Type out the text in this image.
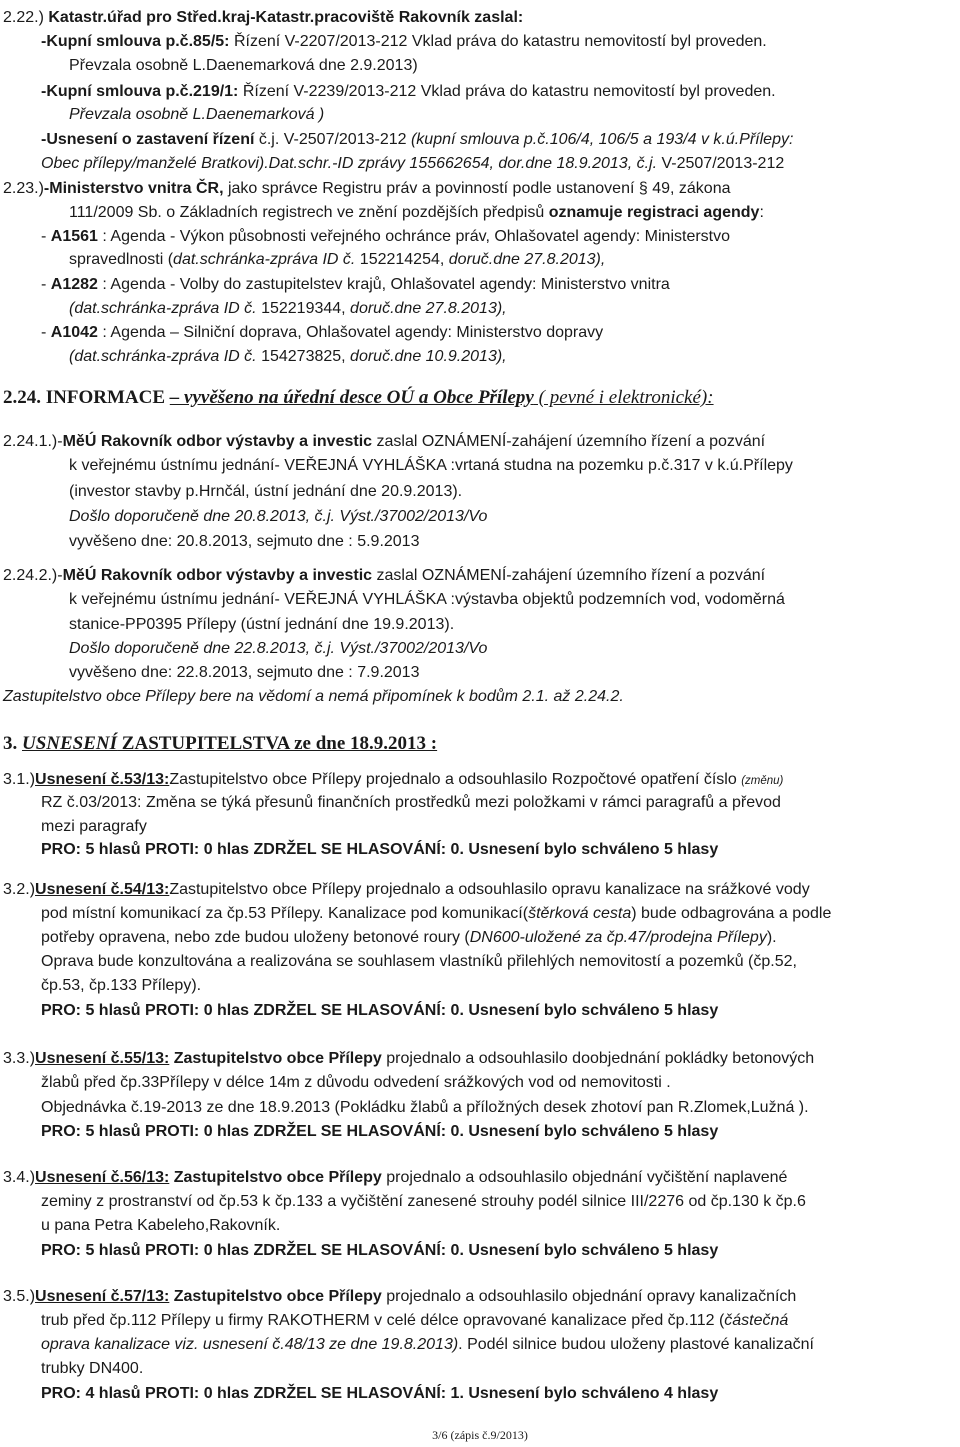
2.22.) Katastr.úřad pro Střed.kraj-Katastr.pracoviště Rakovník zaslal:
-Kupní smlouva p.č.85/5: Řízení V-2207/2013-212 Vklad práva do katastru nemovitostí byl proveden.
Převzala osobně L.Daenemarková dne 2.9.2013)
-Kupní smlouva p.č.219/1: Řízení V-2239/2013-212 Vklad práva do katastru nemovitostí byl proveden.
Převzala osobně L.Daenemarková )
-Usnesení o zastavení řízení č.j. V-2507/2013-212 (kupní smlouva p.č.106/4, 106/5 a 193/4 v k.ú.Přílepy:
Obec přílepy/manželé Bratkovi).Dat.schr.-ID zprávy 155662654, dor.dne 18.9.2013, č.j. V-2507/2013-212
2.23.)-Ministerstvo vnitra ČR, jako správce Registru práv a povinností podle ustanovení § 49, zákona
111/2009 Sb. o Základních registrech ve znění pozdějších předpisů oznamuje registraci agendy:
- A1561 : Agenda - Výkon působnosti veřejného ochránce práv, Ohlašovatel agendy: Ministerstvo
spravedlnosti (dat.schránka-zpráva ID č. 152214254, doruč.dne 27.8.2013),
- A1282 : Agenda - Volby do zastupitelstev krajů, Ohlašovatel agendy: Ministerstvo vnitra
(dat.schránka-zpráva ID č. 152219344, doruč.dne 27.8.2013),
- A1042 : Agenda – Silniční doprava, Ohlašovatel agendy: Ministerstvo dopravy
(dat.schránka-zpráva ID č. 154273825, doruč.dne 10.9.2013),
2.24. INFORMACE – vyvěšeno na úřední desce OÚ a Obce Přílepy ( pevné i elektronické):
2.24.1.)-MěÚ Rakovník odbor výstavby a investic zaslal OZNÁMENÍ-zahájení územního řízení a pozvání
k veřejnému ústnímu jednání- VEŘEJNÁ VYHLÁŠKA :vrtaná studna na pozemku p.č.317 v k.ú.Přílepy
(investor stavby p.Hrnčál, ústní jednání dne 20.9.2013).
Došlo doporučeně dne 20.8.2013, č.j. Výst./37002/2013/Vo
vyvěšeno dne: 20.8.2013, sejmuto dne : 5.9.2013
2.24.2.)-MěÚ Rakovník odbor výstavby a investic zaslal OZNÁMENÍ-zahájení územního řízení a pozvání
k veřejnému ústnímu jednání- VEŘEJNÁ VYHLÁŠKA :výstavba objektů podzemních vod, vodoměrná
stanice-PP0395 Přílepy (ústní jednání dne 19.9.2013).
Došlo doporučeně dne 22.8.2013, č.j. Výst./37002/2013/Vo
vyvěšeno dne: 22.8.2013, sejmuto dne : 7.9.2013
Zastupitelstvo obce Přílepy bere na vědomí a nemá připomínek k bodům 2.1. až 2.24.2.
3. USNESENÍ ZASTUPITELSTVA ze dne 18.9.2013 :
3.1.)Usnesení č.53/13:Zastupitelstvo obce Přílepy projednalo a odsouhlasilo Rozpočtové opatření číslo (změnu)
RZ č.03/2013: Změna se týká přesunů finančních prostředků mezi položkami v rámci paragrafů a převod
mezi paragrafy
PRO: 5 hlasů PROTI: 0 hlas ZDRŽEL SE HLASOVÁNÍ: 0. Usnesení bylo schváleno 5 hlasy
3.2.)Usnesení č.54/13:Zastupitelstvo obce Přílepy projednalo a odsouhlasilo opravu kanalizace na srážkové vody
pod místní komunikací za čp.53 Přílepy. Kanalizace pod komunikací(štěrková cesta) bude odbagrována a podle
potřeby opravena, nebo zde budou uloženy betonové roury (DN600-uložené za čp.47/prodejna Přílepy).
Oprava bude konzultována a realizována se souhlasem vlastníků přilehlých nemovitostí a pozemků (čp.52,
čp.53, čp.133 Přílepy).
PRO: 5 hlasů PROTI: 0 hlas ZDRŽEL SE HLASOVÁNÍ: 0. Usnesení bylo schváleno 5 hlasy
3.3.)Usnesení č.55/13: Zastupitelstvo obce Přílepy projednalo a odsouhlasilo doobjednání pokládky betonových
žlabů před čp.33Přílepy v délce 14m z důvodu odvedení srážkových vod od nemovitosti .
Objednávka č.19-2013 ze dne 18.9.2013 (Pokládku žlabů a příložných desek zhotoví pan R.Zlomek,Lužná ).
PRO: 5 hlasů PROTI: 0 hlas ZDRŽEL SE HLASOVÁNÍ: 0. Usnesení bylo schváleno 5 hlasy
3.4.)Usnesení č.56/13: Zastupitelstvo obce Přílepy projednalo a odsouhlasilo objednání vyčištění naplavené
zeminy z prostranství od čp.53 k čp.133 a vyčištění zanesené strouhy podél silnice III/2276 od čp.130 k čp.6
u pana Petra Kabeleho,Rakovník.
PRO: 5 hlasů PROTI: 0 hlas ZDRŽEL SE HLASOVÁNÍ: 0. Usnesení bylo schváleno 5 hlasy
3.5.)Usnesení č.57/13: Zastupitelstvo obce Přílepy projednalo a odsouhlasilo objednání opravy kanalizačních
trub před čp.112 Přílepy u firmy RAKOTHERM v celé délce opravované kanalizace před čp.112 (částečná
oprava kanalizace viz. usnesení č.48/13 ze dne 19.8.2013). Podél silnice budou uloženy plastové kanalizační
trubky DN400.
PRO: 4 hlasů PROTI: 0 hlas ZDRŽEL SE HLASOVÁNÍ: 1. Usnesení bylo schváleno 4 hlasy
3/6 (zápis č.9/2013)
